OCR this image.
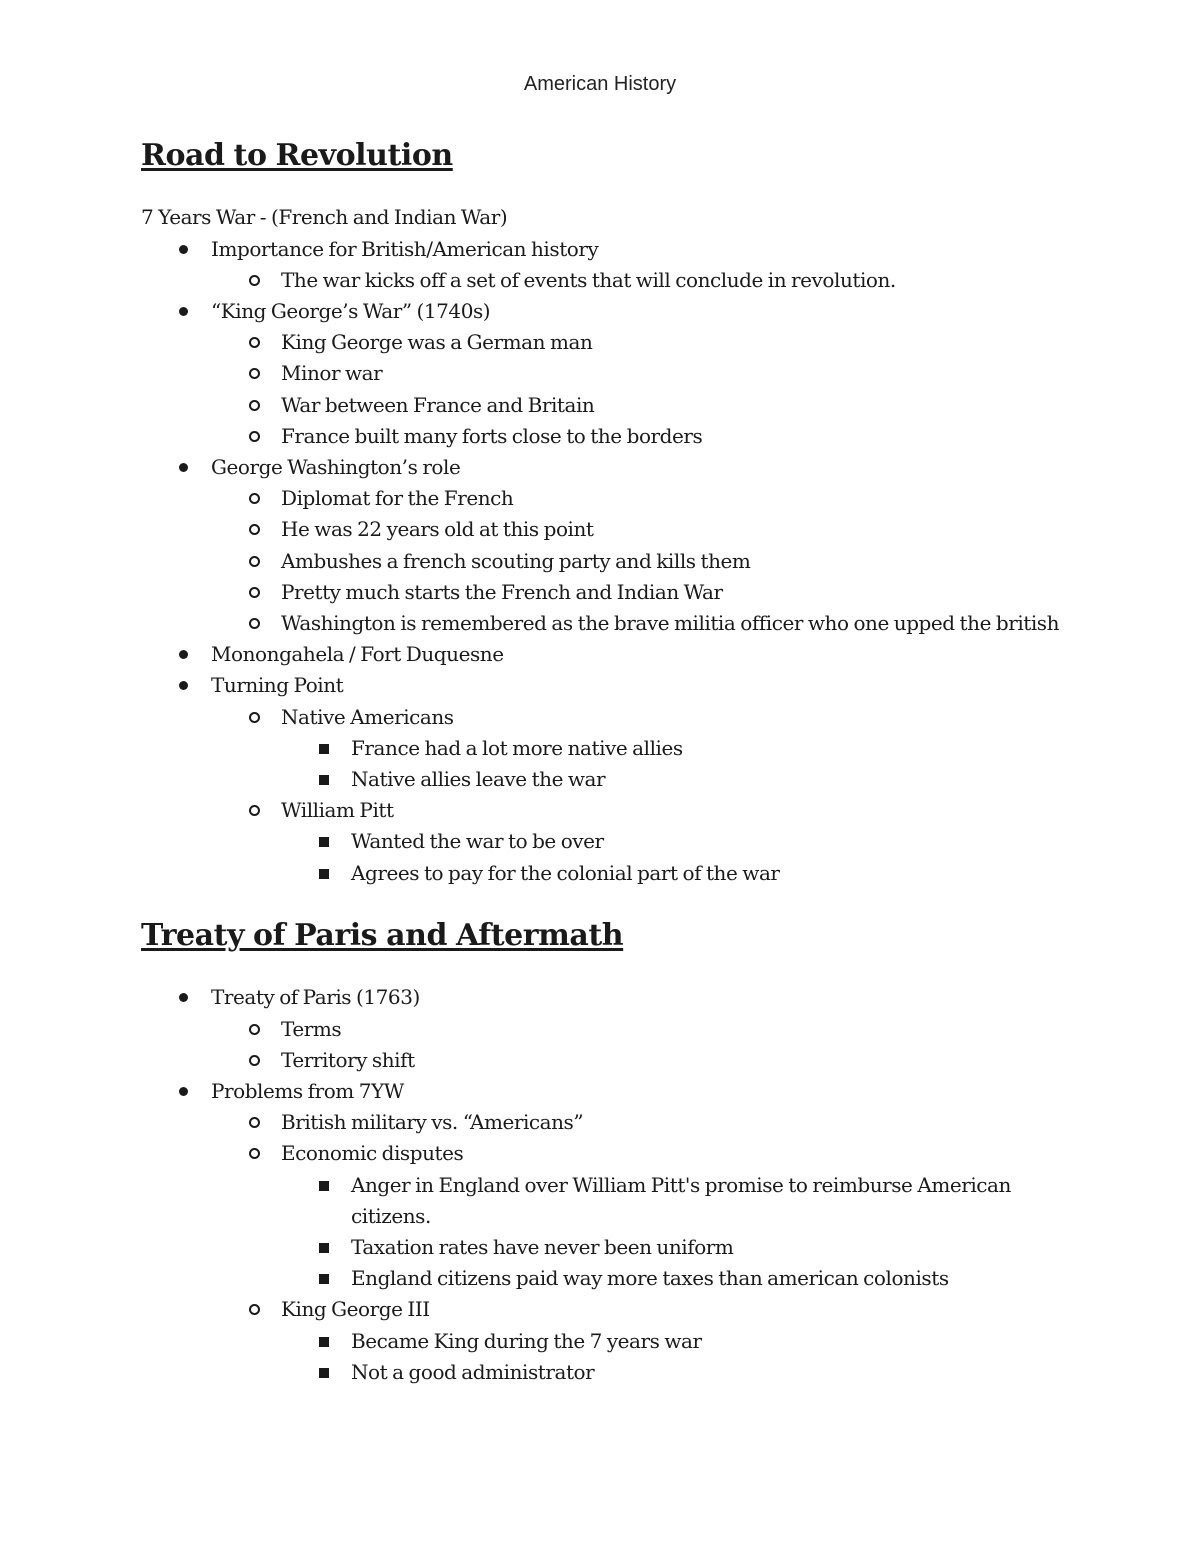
American History
Road to Revolution

7 Years War - (French and Indian War)

Importance for British/American history
The war kicks off a set of events that will conclude in revolution.
“King George’s War” (1740s)
King George was a German man
Minor war
War between France and Britain
France built many forts close to the borders
George Washington’s role
Diplomat for the French
He was 22 years old at this point
Ambushes a french scouting party and kills them
Pretty much starts the French and Indian War
Washington is remembered as the brave militia officer who one upped the british
Monongahela / Fort Duquesne
Turning Point
Native Americans
France had a lot more native allies
Native allies leave the war
William Pitt
Wanted the war to be over
Agrees to pay for the colonial part of the war
Treaty of Paris and Aftermath
Treaty of Paris (1763)
Terms
Territory shift
Problems from 7YW
British military vs. “Americans”
Economic disputes
Anger in England over William Pitt's promise to reimburse American citizens.
Taxation rates have never been uniform
England citizens paid way more taxes than american colonists
King George III
Became King during the 7 years war
Not a good administrator
